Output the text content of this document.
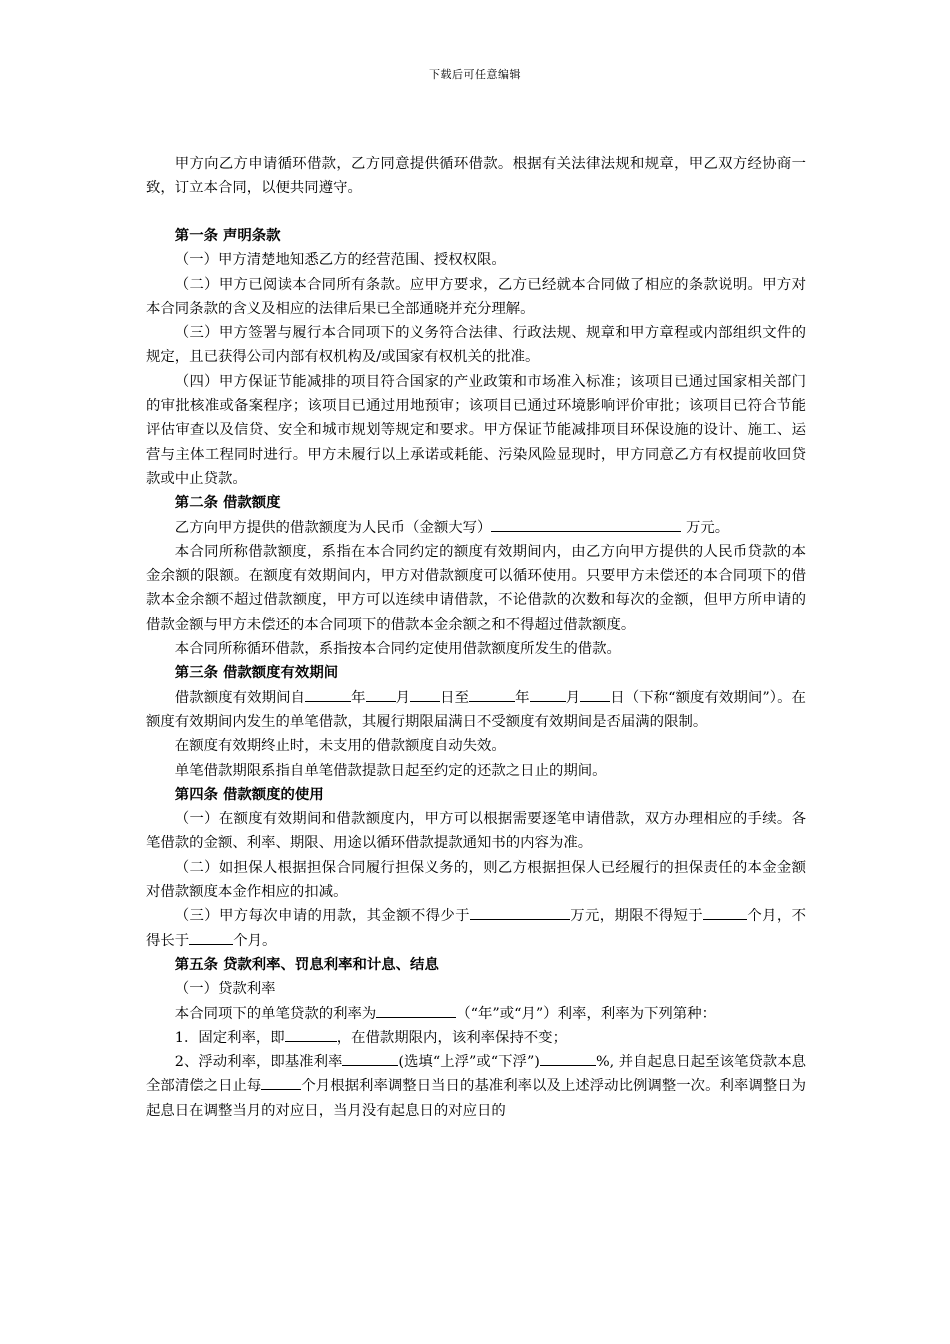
下载后可任意编辑

甲方向乙方申请循环借款，乙方同意提供循环借款。根据有关法律法规和规章，甲乙双方经协商一致，订立本合同，以便共同遵守。

第一条 声明条款

（一）甲方清楚地知悉乙方的经营范围、授权权限。

（二）甲方已阅读本合同所有条款。应甲方要求，乙方已经就本合同做了相应的条款说明。甲方对本合同条款的含义及相应的法律后果已全部通晓并充分理解。

（三）甲方签署与履行本合同项下的义务符合法律、行政法规、规章和甲方章程或内部组织文件的规定，且已获得公司内部有权机构及/或国家有权机关的批准。

（四）甲方保证节能减排的项目符合国家的产业政策和市场准入标准；该项目已通过国家相关部门的审批核准或备案程序；该项目已通过用地预审；该项目已通过环境影响评价审批；该项目已符合节能评估审查以及信贷、安全和城市规划等规定和要求。甲方保证节能减排项目环保设施的设计、施工、运营与主体工程同时进行。甲方未履行以上承诺或耗能、污染风险显现时，甲方同意乙方有权提前收回贷款或中止贷款。

第二条 借款额度

乙方向甲方提供的借款额度为人民币（金额大写）	万元。

本合同所称借款额度，系指在本合同约定的额度有效期间内，由乙方向甲方提供的人民币贷款的本金余额的限额。在额度有效期间内，甲方对借款额度可以循环使用。只要甲方未偿还的本合同项下的借款本金余额不超过借款额度，甲方可以连续申请借款，不论借款的次数和每次的金额，但甲方所申请的借款金额与甲方未偿还的本合同项下的借款本金余额之和不得超过借款额度。

本合同所称循环借款，系指按本合同约定使用借款额度所发生的借款。

第三条 借款额度有效期间

借款额度有效期间自	年 月 日至	年	月 日（下称“额度有效期间”）。在额度有效期间内发生的单笔借款，其履行期限届满日不受额度有效期间是否届满的限制。

在额度有效期终止时，未支用的借款额度自动失效。

单笔借款期限系指自单笔借款提款日起至约定的还款之日止的期间。

第四条 借款额度的使用

（一）在额度有效期间和借款额度内，甲方可以根据需要逐笔申请借款，双方办理相应的手续。各笔借款的金额、利率、期限、用途以循环借款提款通知书的内容为准。

（二）如担保人根据担保合同履行担保义务的，则乙方根据担保人已经履行的担保责任的本金金额对借款额度本金作相应的扣减。

（三）甲方每次申请的用款，其金额不得少于	万元，期限不得短于	个月，不得长于	个月。

第五条 贷款利率、罚息利率和计息、结息

（一）贷款利率

本合同项下的单笔贷款的利率为	（“年”或“月”）利率，利率为下列第种：

1．固定利率，即	，在借款期限内，该利率保持不变；

2、浮动利率，即基准利率	(选填“上浮”或“下浮”)	%, 并自起息日起至该笔贷款本息全部清偿之日止每	个月根据利率调整日当日的基准利率以及上述浮动比例调整一次。利率调整日为起息日在调整当月的对应日，当月没有起息日的对应日的
